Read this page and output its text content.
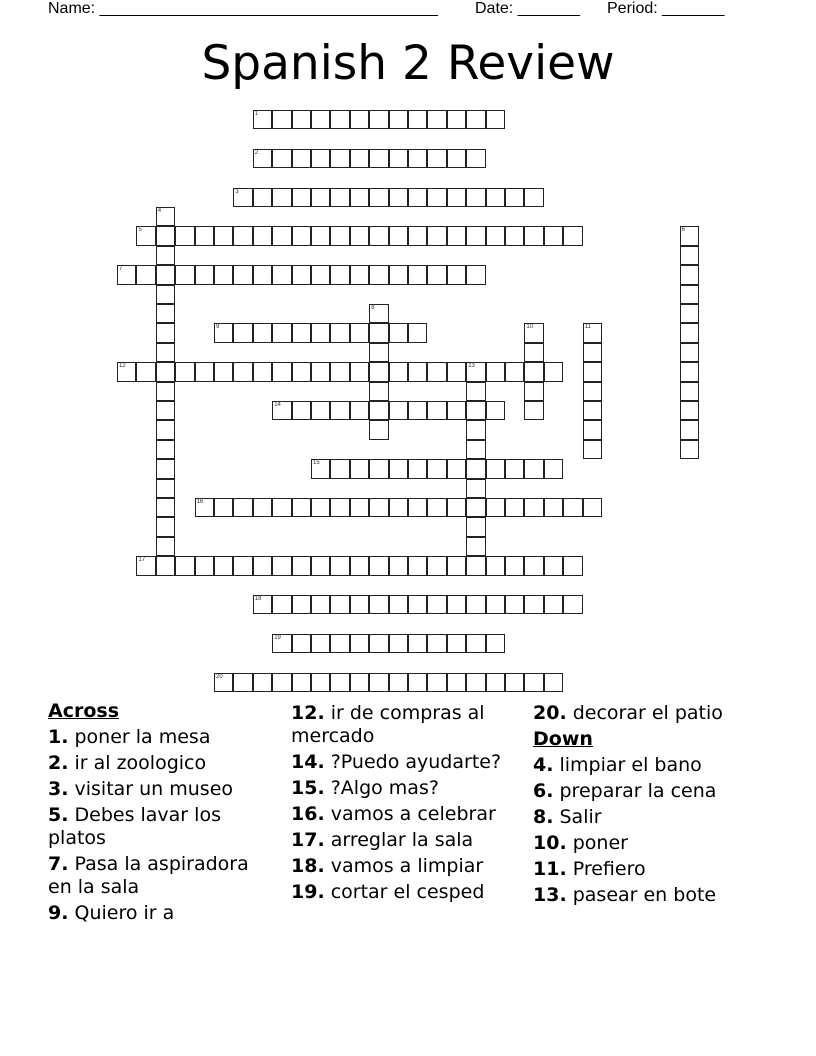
Name: ______________________________________ Date: _______ Period: _______
Spanish 2 Review
1
2
3
5
7
9
12	13
14
15
16
17
18
19
20
4
6
8
10	11
Across
1. poner la mesa
2. ir al zoologico
3. visitar un museo
5. Debes lavar los platos
7. Pasa la aspiradora en la sala
9. Quiero ir a
12. ir de compras al mercado
14. ?Puedo ayudarte?
15. ?Algo mas?
16. vamos a celebrar
17. arreglar la sala
18. vamos a limpiar
19. cortar el cesped
20. decorar el patio
Down
4. limpiar el bano
6. preparar la cena
8. Salir
10. poner
11. Prefiero
13. pasear en bote
